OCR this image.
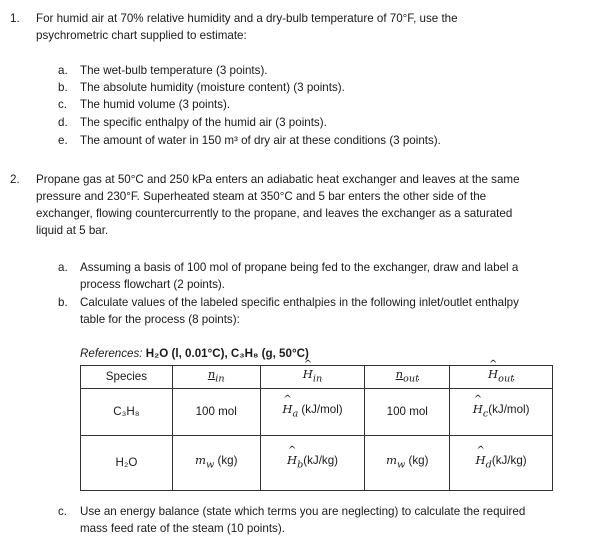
1.	For humid air at 70% relative humidity and a dry-bulb temperature of 70°F, use the
psychrometric chart supplied to estimate:
a.	The wet-bulb temperature (3 points).
b.	The absolute humidity (moisture content) (3 points).
c.	The humid volume (3 points).
d.	The specific enthalpy of the humid air (3 points).
e.	The amount of water in 150 m³ of dry air at these conditions (3 points).
2.	Propane gas at 50°C and 250 kPa enters an adiabatic heat exchanger and leaves at the same
pressure and 230°F. Superheated steam at 350°C and 5 bar enters the other side of the
exchanger, flowing countercurrently to the propane, and leaves the exchanger as a saturated
liquid at 5 bar.
a.	Assuming a basis of 100 mol of propane being fed to the exchanger, draw and label a
process flowchart (2 points).
b.	Calculate values of the labeled specific enthalpies in the following inlet/outlet enthalpy
table for the process (8 points):
References: H₂O (l, 0.01°C), C₃H₈ (g, 50°C)
Species	$n_{in}$	^ $H_{in}$	$n_{out}$	^ $H_{out}$
C₃H₈	100 mol	^ $H_a$ (kJ/mol)	100 mol	^ $H_c(kJ/mol)$
H₂O	$m_w$ (kg)	^ $H_b(kJ/kg)$	$m_w$ (kg)	^ $H_d(kJ/kg)$
c.	Use an energy balance (state which terms you are neglecting) to calculate the required
mass feed rate of the steam (10 points).
